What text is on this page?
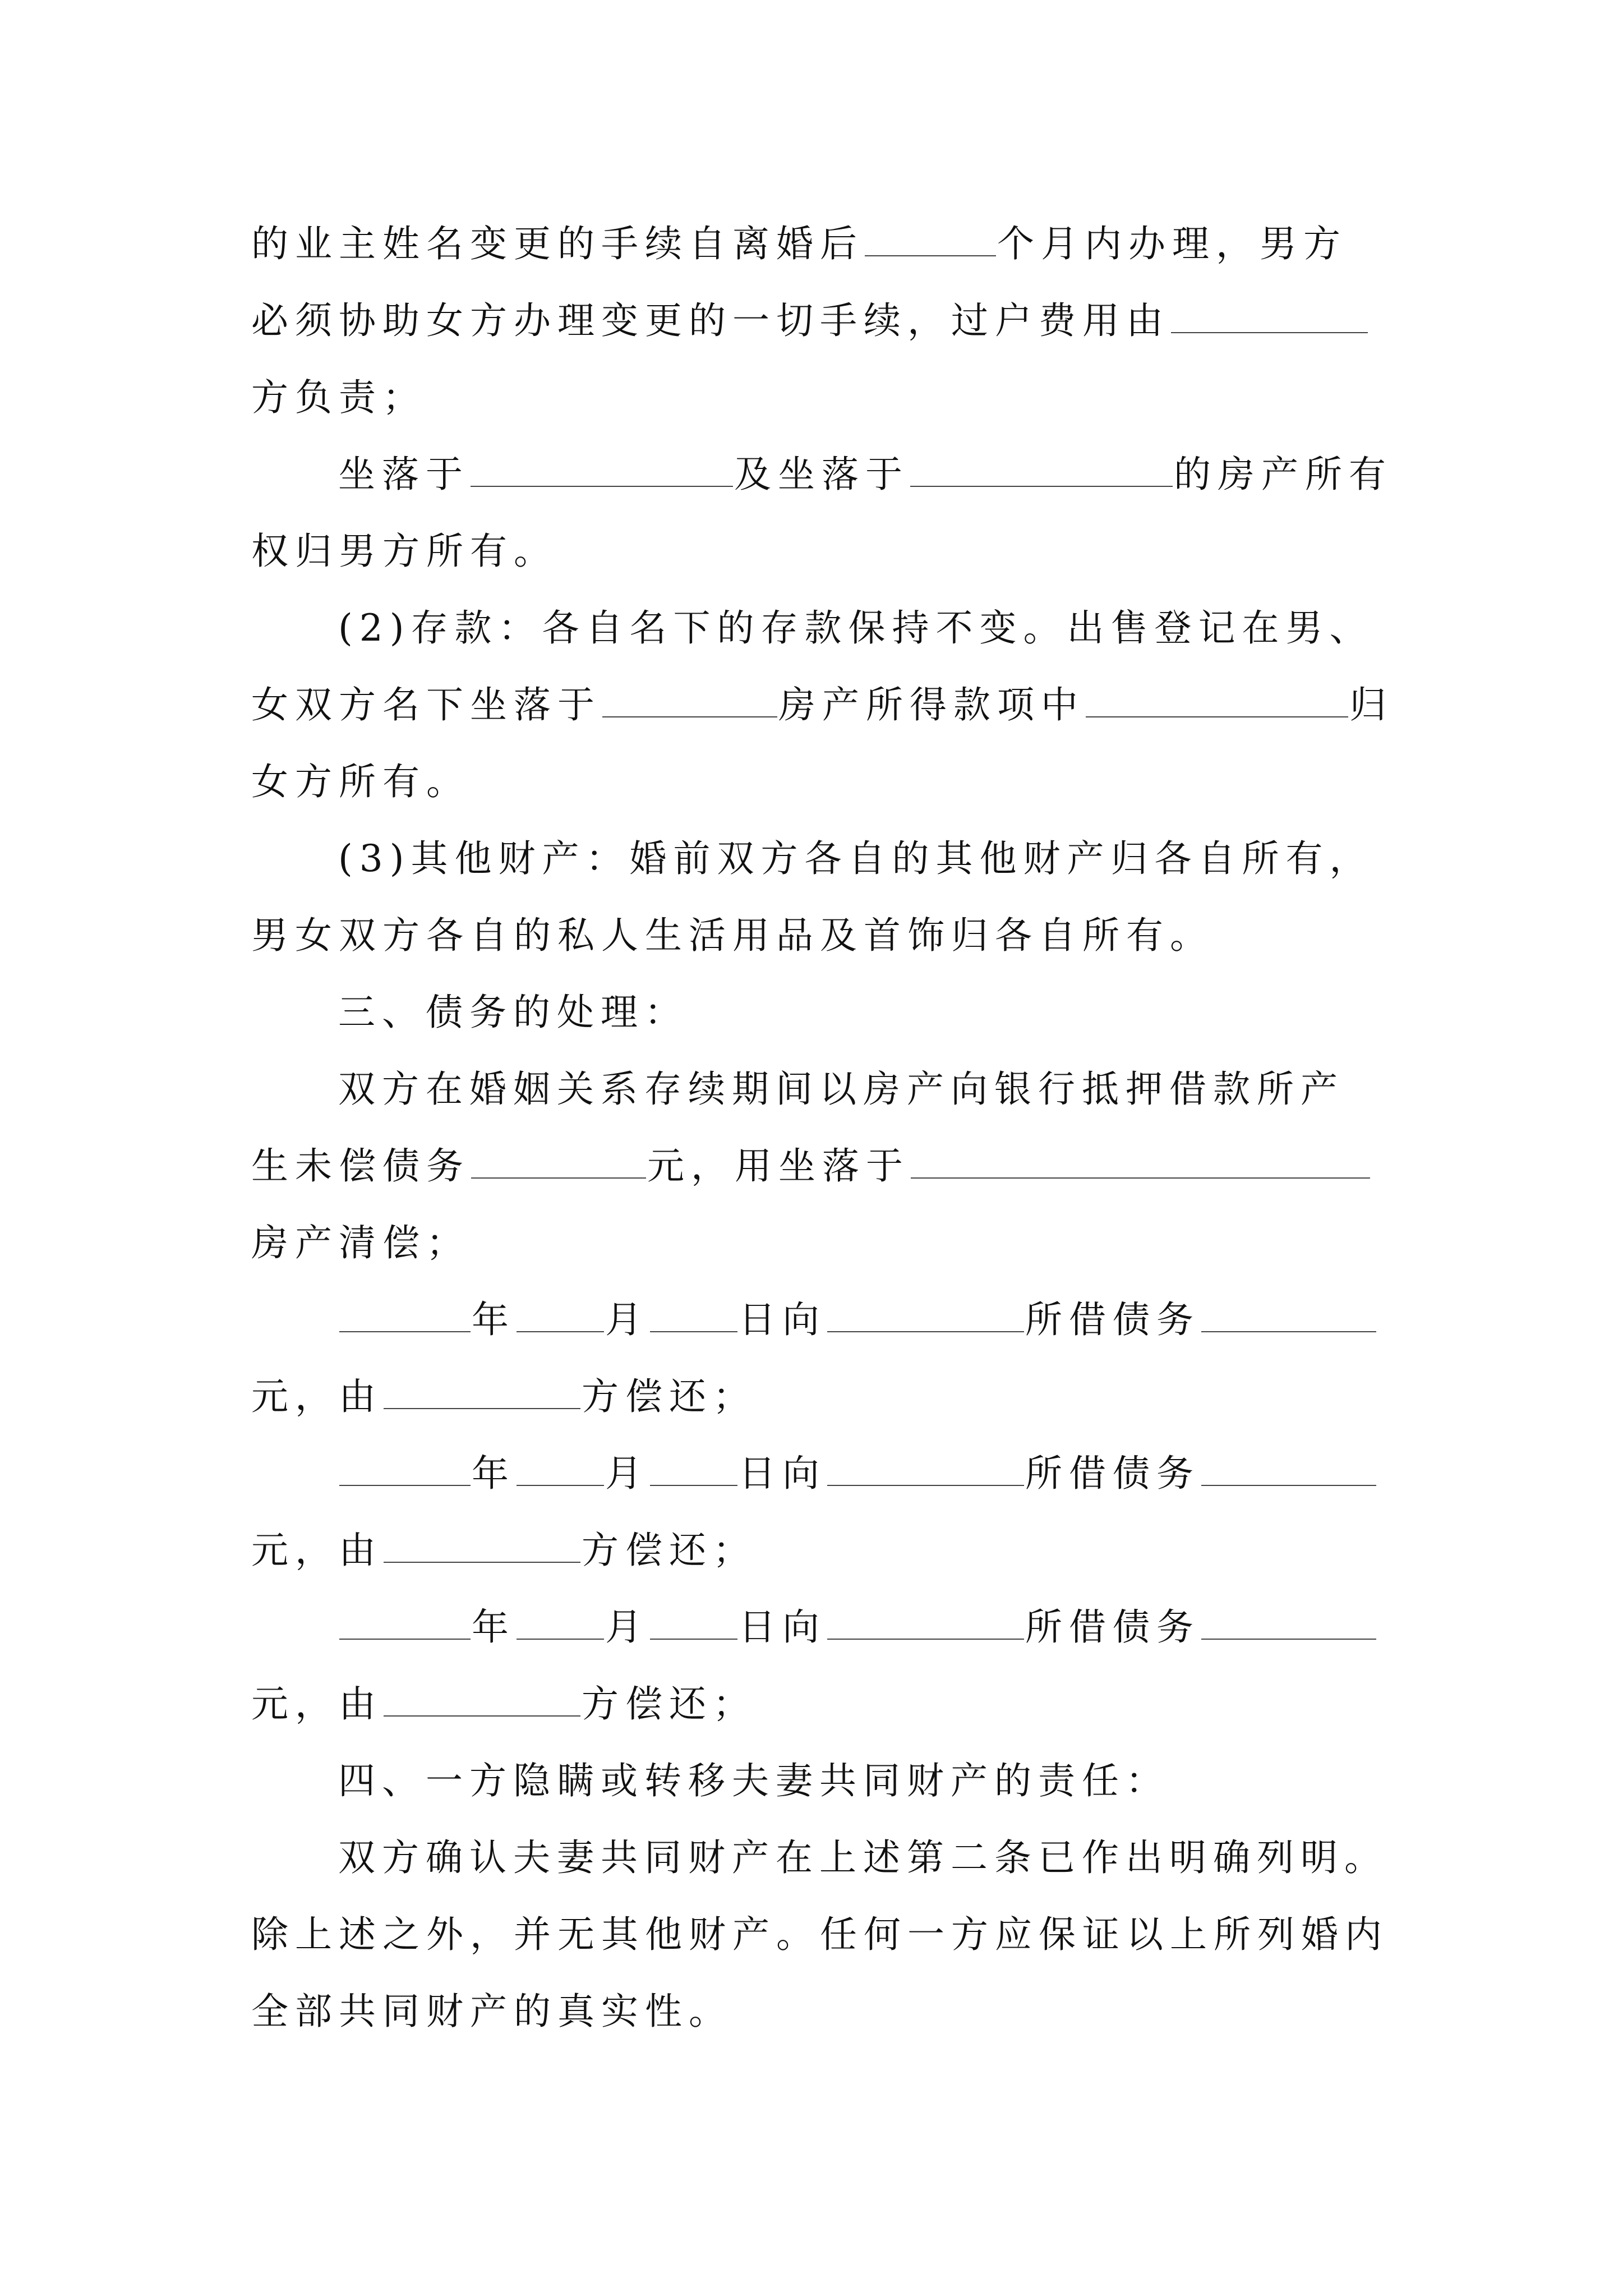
的业主姓名变更的手续自离婚后	个月内办理，男方
必须协助女方办理变更的一切手续，过户费用由
方负责；
坐落于	及坐落于	的房产所有
权归男方所有。
(2)存款：各自名下的存款保持不变。出售登记在男、
女双方名下坐落于	房产所得款项中	归
女方所有。
(3)其他财产：婚前双方各自的其他财产归各自所有，
男女双方各自的私人生活用品及首饰归各自所有。
三、债务的处理：
双方在婚姻关系存续期间以房产向银行抵押借款所产
生未偿债务	元，用坐落于
房产清偿；
年 月 日向	所借债务
元，由	方偿还；
年 月 日向	所借债务
元，由	方偿还；
年 月 日向	所借债务
元，由	方偿还；
四、一方隐瞒或转移夫妻共同财产的责任：
双方确认夫妻共同财产在上述第二条已作出明确列明。
除上述之外，并无其他财产。任何一方应保证以上所列婚内
全部共同财产的真实性。
